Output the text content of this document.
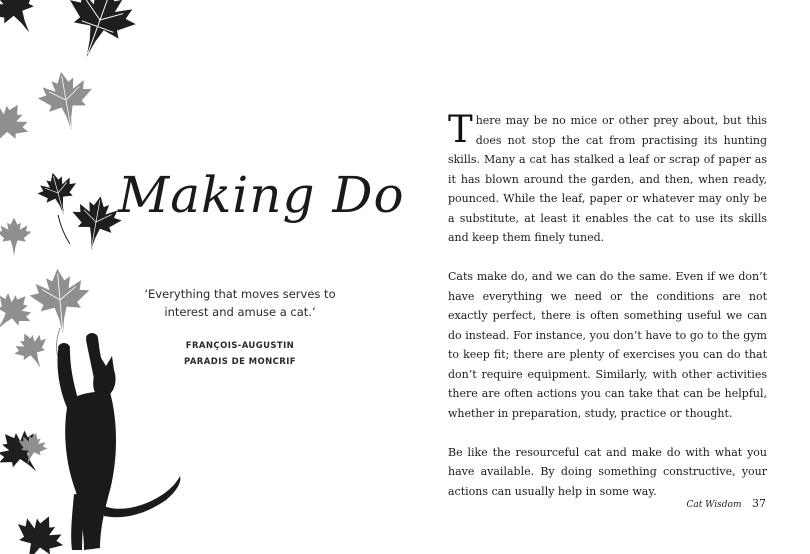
Making Do

‘Everything that moves serves to interest and amuse a cat.’

FRANÇOIS-AUGUSTIN
PARADIS DE MONCRIF

There may be no mice or other prey about, but this does not stop the cat from practising its hunting skills. Many a cat has stalked a leaf or scrap of paper as it has blown around the garden, and then, when ready, pounced. While the leaf, paper or whatever may only be a substitute, at least it enables the cat to use its skills and keep them finely tuned.

Cats make do, and we can do the same. Even if we don’t have everything we need or the conditions are not exactly perfect, there is often something useful we can do instead. For instance, you don’t have to go to the gym to keep fit; there are plenty of exercises you can do that don’t require equipment. Similarly, with other activities there are often actions you can take that can be helpful, whether in preparation, study, practice or thought.

Be like the resourceful cat and make do with what you have available. By doing something constructive, your actions can usually help in some way.

Cat Wisdom 37
